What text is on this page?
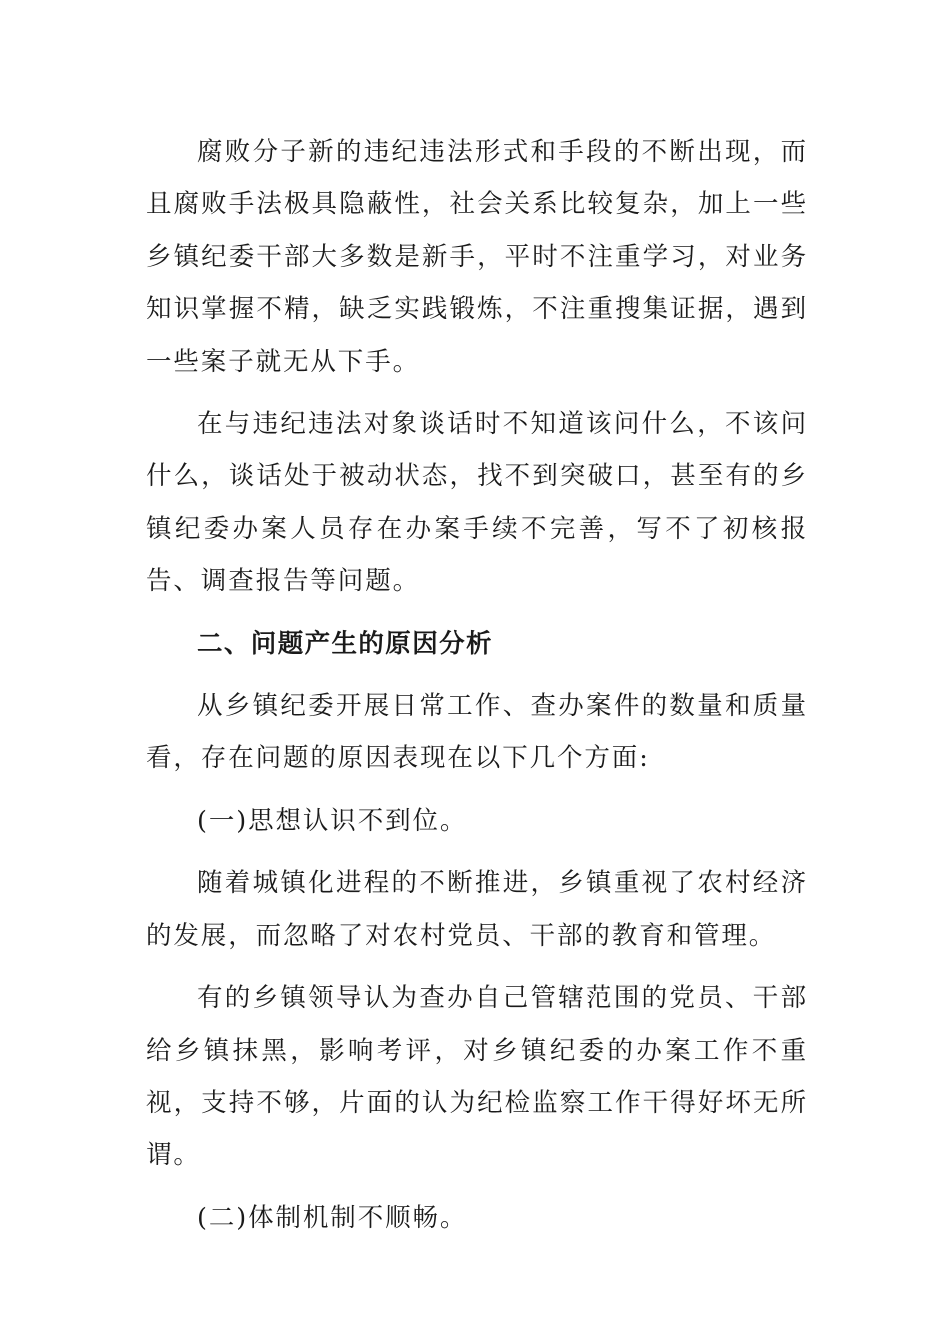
腐败分子新的违纪违法形式和手段的不断出现，而且腐败手法极具隐蔽性，社会关系比较复杂，加上一些乡镇纪委干部大多数是新手，平时不注重学习，对业务知识掌握不精，缺乏实践锻炼，不注重搜集证据，遇到一些案子就无从下手。

在与违纪违法对象谈话时不知道该问什么，不该问什么，谈话处于被动状态，找不到突破口，甚至有的乡镇纪委办案人员存在办案手续不完善，写不了初核报告、调查报告等问题。

二、问题产生的原因分析

从乡镇纪委开展日常工作、查办案件的数量和质量看，存在问题的原因表现在以下几个方面:

(一)思想认识不到位。

随着城镇化进程的不断推进，乡镇重视了农村经济的发展，而忽略了对农村党员、干部的教育和管理。

有的乡镇领导认为查办自己管辖范围的党员、干部给乡镇抹黑，影响考评，对乡镇纪委的办案工作不重视，支持不够，片面的认为纪检监察工作干得好坏无所谓。

(二)体制机制不顺畅。
